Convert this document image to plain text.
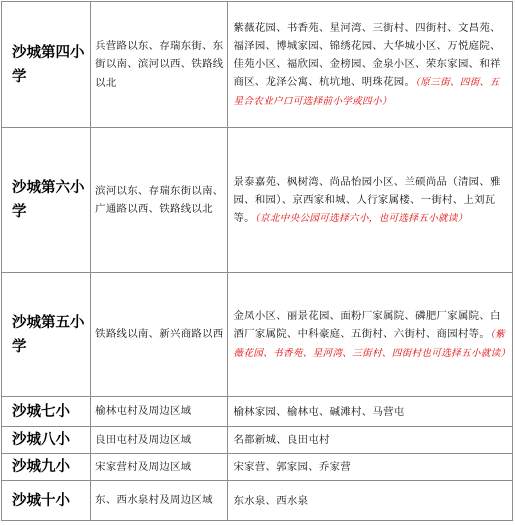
沙城第四小学	兵营路以东、存瑞东街、东街以南、滨河以西、铁路线以北	紫薇花园、书香苑、星河湾、三街村、四街村、文昌苑、福泽园、博城家园、锦绣花园、大华城小区、万悦庭院、佳苑小区、福欣园、金榜园、金泉小区、荣东家园、和祥商区、龙泽公寓、杭坑地、明珠花园。（原三街、四街、五星合农业户口可选择前小学或四小）
沙城第六小学	滨河以东、存瑞东街以南、广通路以西、铁路线以北	景泰嘉苑、枫树湾、尚品怡园小区、兰硕尚品（清园、雅园、和园）、京西家和城、人行家属楼、一街村、上刘瓦等。（京北中央公园可选择六小，也可选择五小就读）
沙城第五小学	铁路线以南、新兴商路以西	金凤小区、丽景花园、面粉厂家属院、磷肥厂家属院、白酒厂家属院、中科豪庭、五街村、六街村、商园村等。（紫薇花园、书香苑、星河湾、三街村、四街村也可选择五小就读）
沙城七小	榆林屯村及周边区域	榆林家园、榆林屯、碱滩村、马营屯
沙城八小	良田屯村及周边区域	名都新城、良田屯村
沙城九小	宋家营村及周边区域	宋家营、郭家园、乔家营
沙城十小	东、西水泉村及周边区域	东水泉、西水泉
